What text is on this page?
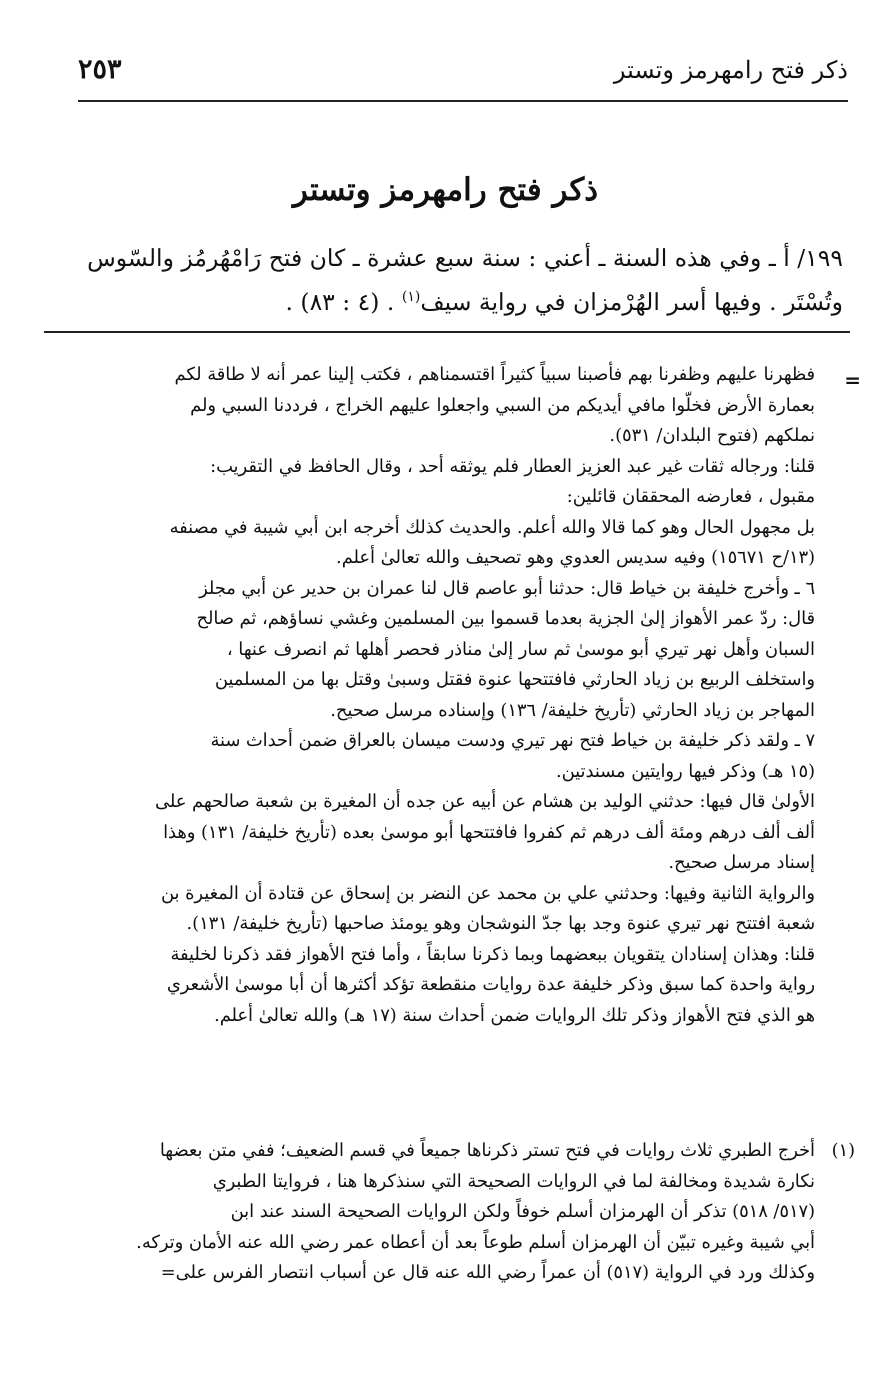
ذكر فتح رامهرمز وتستر
٢٥٣
ذكر فتح رامهرمز وتستر
١٩٩/ أ ـ وفي هذه السنة ـ أعني : سنة سبع عشرة ـ كان فتح رَامْهُرمُز والسّوس
وتُسْتَر . وفيها أسر الهُرْمزان في رواية سيف$^{(١)}$ . (٤ : ٨٣) .
=
فظهرنا عليهم وظفرنا بهم فأصبنا سبياً كثيراً اقتسمناهم ، فكتب إلينا عمر أنه لا طاقة لكم
بعمارة الأرض فخلّوا مافي أيديكم من السبي واجعلوا عليهم الخراج ، فرددنا السبي ولم
نملكهم (فتوح البلدان/ ٥٣١).
قلنا: ورجاله ثقات غير عبد العزيز العطار فلم يوثقه أحد ، وقال الحافظ في التقريب:
مقبول ، فعارضه المحققان قائلين:
بل مجهول الحال وهو كما قالا والله أعلم. والحديث كذلك أخرجه ابن أبي شيبة في مصنفه
(١٣/ح ١٥٦٧١) وفيه سديس العدوي وهو تصحيف والله تعالىٰ أعلم.
٦ ـ وأخرج خليفة بن خياط قال: حدثنا أبو عاصم قال لنا عمران بن حدير عن أبي مجلز
قال: ردّ عمر الأهواز إلىٰ الجزية بعدما قسموا بين المسلمين وغشي نساؤهم، ثم صالح
السبان وأهل نهر تيري أبو موسىٰ ثم سار إلىٰ مناذر فحصر أهلها ثم انصرف عنها ،
واستخلف الربيع بن زياد الحارثي فافتتحها عنوة فقتل وسبىٰ وقتل بها من المسلمين
المهاجر بن زياد الحارثي (تأريخ خليفة/ ١٣٦) وإسناده مرسل صحيح.
٧ ـ ولقد ذكر خليفة بن خياط فتح نهر تيري ودست ميسان بالعراق ضمن أحداث سنة
(١٥ هـ) وذكر فيها روايتين مسندتين.
الأولىٰ قال فيها: حدثني الوليد بن هشام عن أبيه عن جده أن المغيرة بن شعبة صالحهم على
ألف ألف درهم ومئة ألف درهم ثم كفروا فافتتحها أبو موسىٰ بعده (تأريخ خليفة/ ١٣١) وهذا
إسناد مرسل صحيح.
والرواية الثانية وفيها: وحدثني علي بن محمد عن النضر بن إسحاق عن قتادة أن المغيرة بن
شعبة افتتح نهر تيري عنوة وجد بها جدّ النوشجان وهو يومئذ صاحبها (تأريخ خليفة/ ١٣١).
قلنا: وهذان إسنادان يتقويان ببعضهما وبما ذكرنا سابقاً ، وأما فتح الأهواز فقد ذكرنا لخليفة
رواية واحدة كما سبق وذكر خليفة عدة روايات منقطعة تؤكد أكثرها أن أبا موسىٰ الأشعري
هو الذي فتح الأهواز وذكر تلك الروايات ضمن أحداث سنة (١٧ هـ) والله تعالىٰ أعلم.
(١)
أخرج الطبري ثلاث روايات في فتح تستر ذكرناها جميعاً في قسم الضعيف؛ ففي متن بعضها
نكارة شديدة ومخالفة لما في الروايات الصحيحة التي سنذكرها هنا ، فروايتا الطبري
(٥١٧/ ٥١٨) تذكر أن الهرمزان أسلم خوفاً ولكن الروايات الصحيحة السند عند ابن
أبي شيبة وغيره تبيّن أن الهرمزان أسلم طوعاً بعد أن أعطاه عمر رضي الله عنه الأمان وتركه.
وكذلك ورد في الرواية (٥١٧) أن عمراً رضي الله عنه قال عن أسباب انتصار الفرس على=
